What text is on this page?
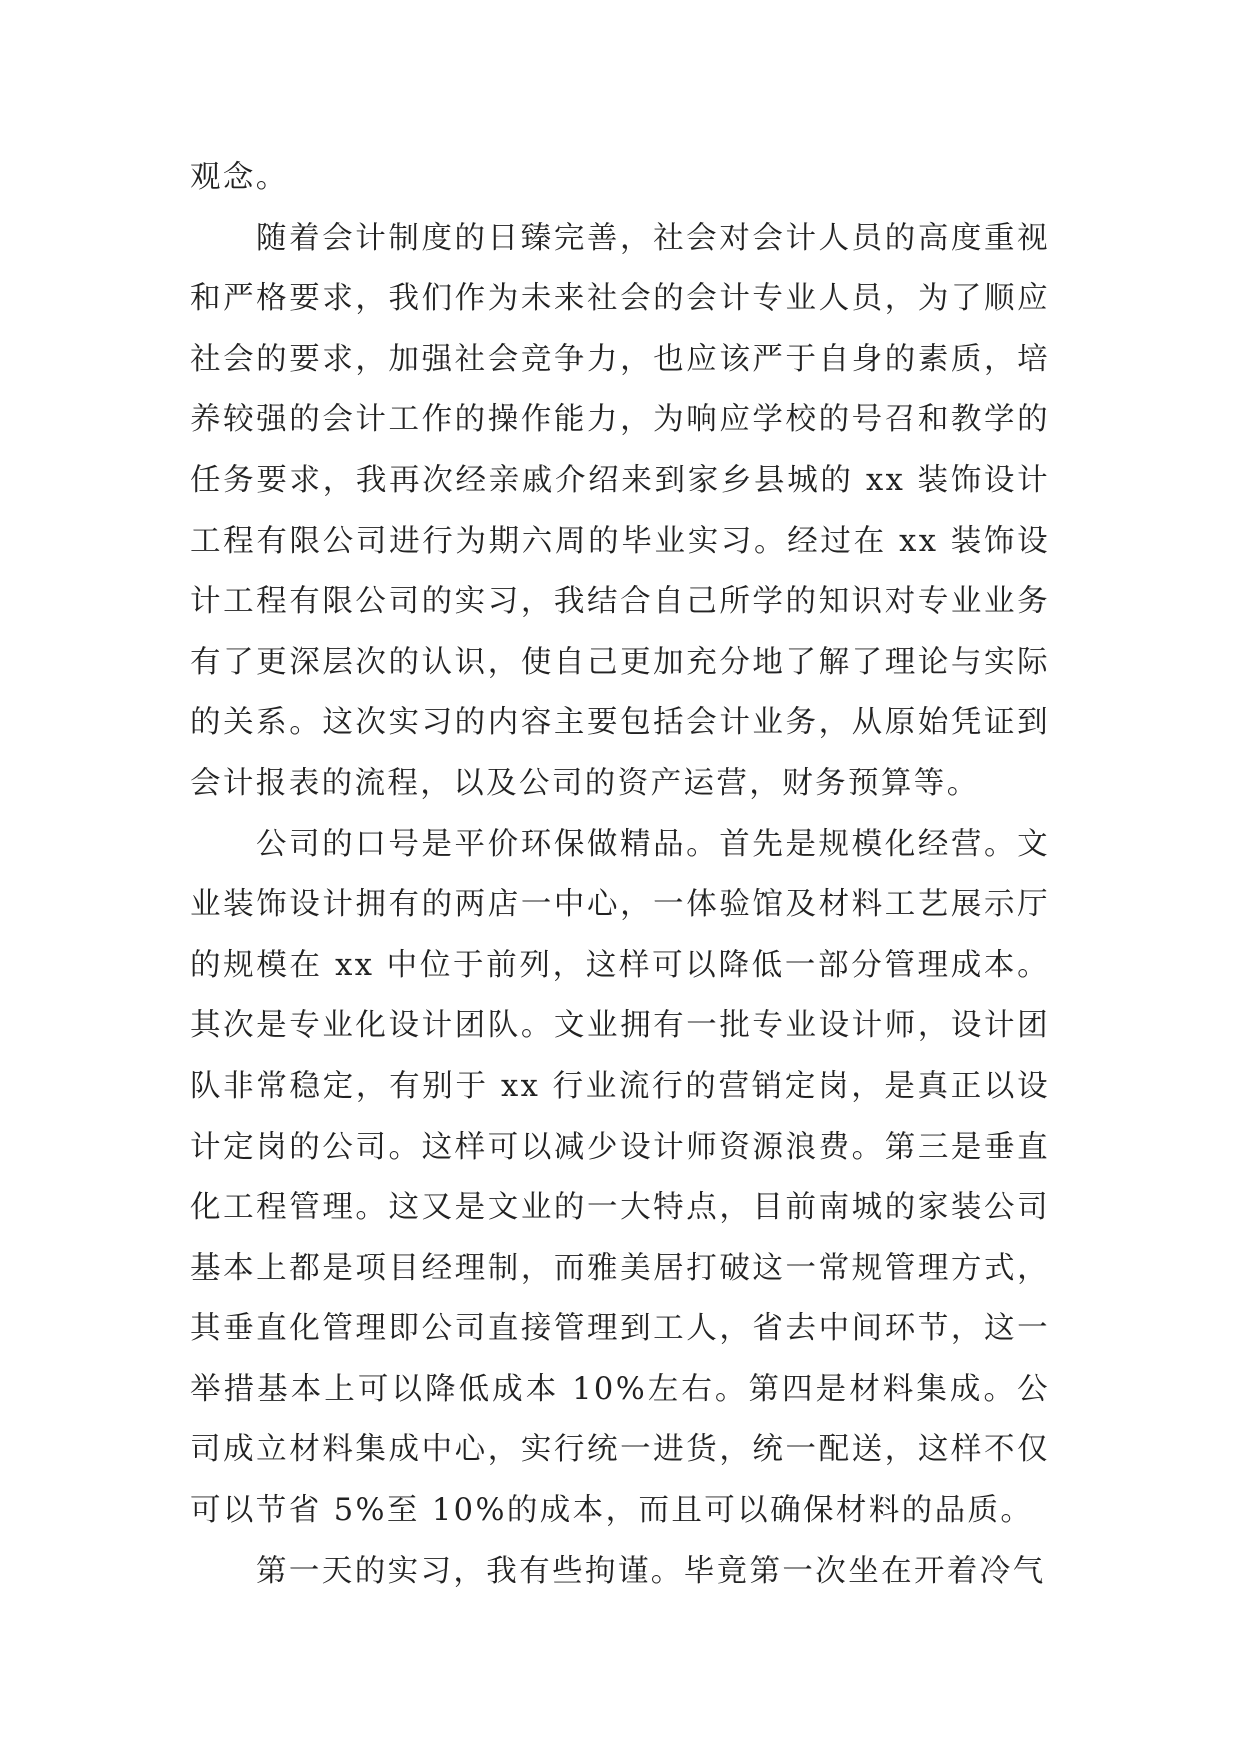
观念。

随着会计制度的日臻完善，社会对会计人员的高度重视和严格要求，我们作为未来社会的会计专业人员，为了顺应社会的要求，加强社会竞争力，也应该严于自身的素质，培养较强的会计工作的操作能力，为响应学校的号召和教学的任务要求，我再次经亲戚介绍来到家乡县城的 xx 装饰设计工程有限公司进行为期六周的毕业实习。经过在 xx 装饰设计工程有限公司的实习，我结合自己所学的知识对专业业务有了更深层次的认识，使自己更加充分地了解了理论与实际的关系。这次实习的内容主要包括会计业务，从原始凭证到会计报表的流程，以及公司的资产运营，财务预算等。

公司的口号是平价环保做精品。首先是规模化经营。文业装饰设计拥有的两店一中心，一体验馆及材料工艺展示厅的规模在 xx 中位于前列，这样可以降低一部分管理成本。其次是专业化设计团队。文业拥有一批专业设计师，设计团队非常稳定，有别于 xx 行业流行的营销定岗，是真正以设计定岗的公司。这样可以减少设计师资源浪费。第三是垂直化工程管理。这又是文业的一大特点，目前南城的家装公司基本上都是项目经理制，而雅美居打破这一常规管理方式，其垂直化管理即公司直接管理到工人，省去中间环节，这一举措基本上可以降低成本 10%左右。第四是材料集成。公司成立材料集成中心，实行统一进货，统一配送，这样不仅可以节省 5%至 10%的成本，而且可以确保材料的品质。

第一天的实习，我有些拘谨。毕竟第一次坐在开着冷气
